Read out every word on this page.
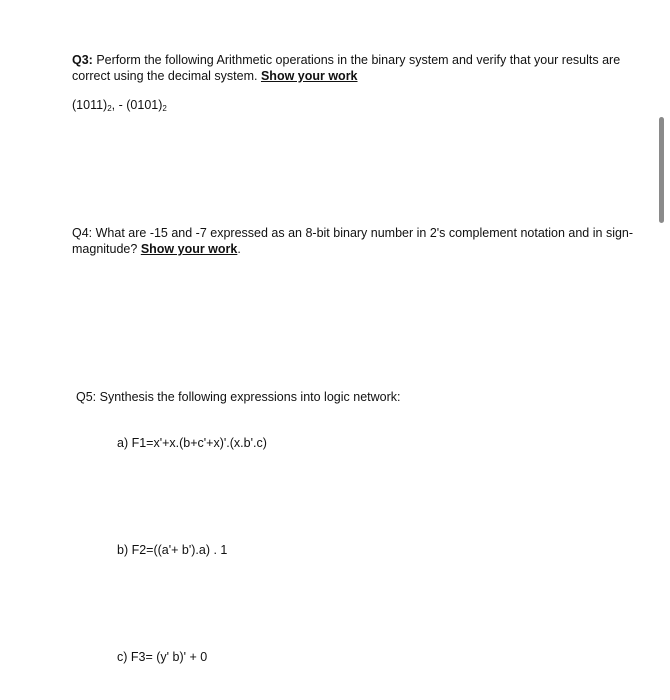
Q3: Perform the following Arithmetic operations in the binary system and verify that your results are correct using the decimal system. Show your work
$(1011)_2$, - $(0101)_2$
Q4: What are -15 and -7 expressed as an 8-bit binary number in 2's complement notation and in sign-magnitude? Show your work.
Q5: Synthesis the following expressions into logic network:
a) F1=x'+x.(b+c'+x)'.(x.b'.c)
b) F2=((a'+ b').a) . 1
c) F3= (y' b)' + 0
